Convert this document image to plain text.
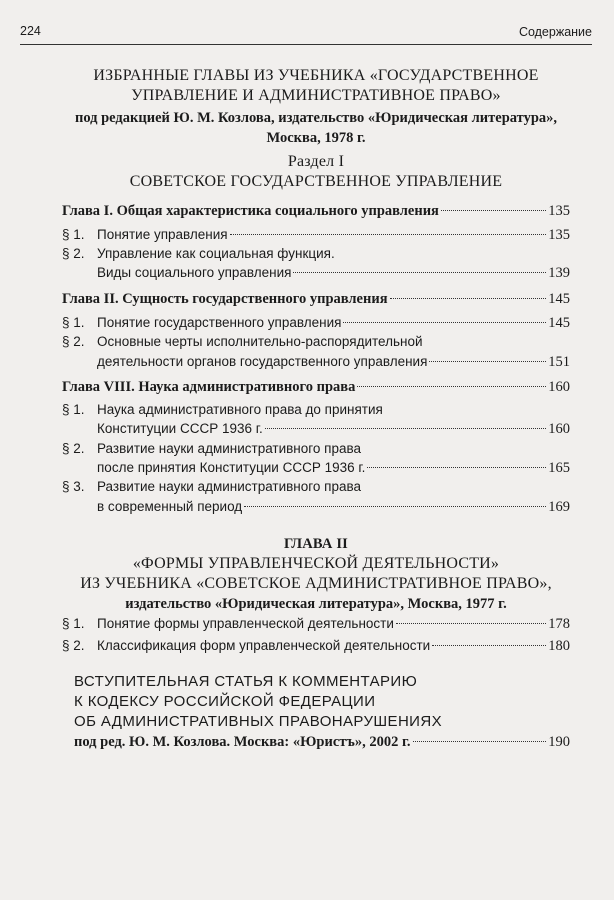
224	Содержание
ИЗБРАННЫЕ ГЛАВЫ ИЗ УЧЕБНИКА «ГОСУДАРСТВЕННОЕ
УПРАВЛЕНИЕ И АДМИНИСТРАТИВНОЕ ПРАВО»
под редакцией Ю. М. Козлова, издательство «Юридическая литература»,
Москва, 1978 г.
Раздел I
СОВЕТСКОЕ ГОСУДАРСТВЕННОЕ УПРАВЛЕНИЕ
Глава I. Общая характеристика социального управления	135
§ 1. Понятие управления	135
§ 2. Управление как социальная функция.
Виды социального управления	139
Глава II. Сущность государственного управления	145
§ 1. Понятие государственного управления	145
§ 2. Основные черты исполнительно-распорядительной
деятельности органов государственного управления	151
Глава VIII. Наука административного права	160
§ 1. Наука административного права до принятия
Конституции СССР 1936 г.	160
§ 2. Развитие науки административного права
после принятия Конституции СССР 1936 г.	165
§ 3. Развитие науки административного права
в современный период	169
ГЛАВА II
«ФОРМЫ УПРАВЛЕНЧЕСКОЙ ДЕЯТЕЛЬНОСТИ»
ИЗ УЧЕБНИКА «СОВЕТСКОЕ АДМИНИСТРАТИВНОЕ ПРАВО»,
издательство «Юридическая литература», Москва, 1977 г.
§ 1. Понятие формы управленческой деятельности	178
§ 2. Классификация форм управленческой деятельности	180
ВСТУПИТЕЛЬНАЯ СТАТЬЯ К КОММЕНТАРИЮ
К КОДЕКСУ РОССИЙСКОЙ ФЕДЕРАЦИИ
ОБ АДМИНИСТРАТИВНЫХ ПРАВОНАРУШЕНИЯХ
под ред. Ю. М. Козлова. Москва: «Юристъ», 2002 г.	190
